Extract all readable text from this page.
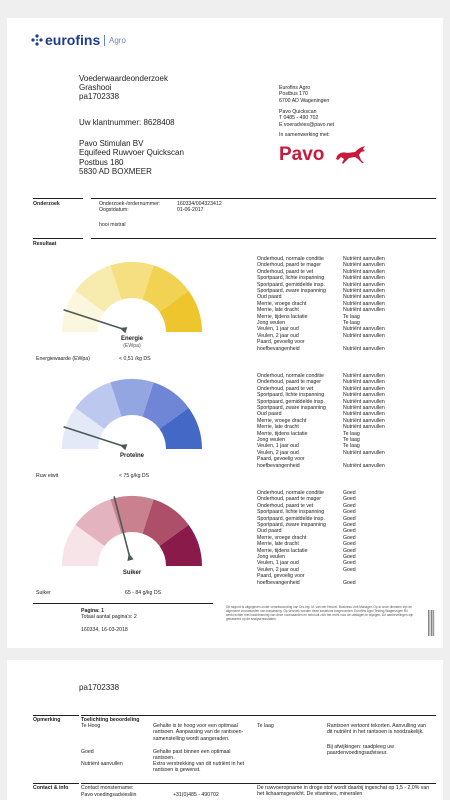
eurofins Agro
Voederwaardeonderzoek
Grashooi
pa1702338
Uw klantnummer: 8628408
Pavo Stimulan BV
Equifeed Ruwvoer Quickscan
Postbus 180
5830 AD BOXMEER
Eurofins Agro
Postbus 170
6700 AD Wageningen
Pavo Quickscan
T 0485 - 490 702
E voeradvies@pavo.net
In samenwerking met:
Pavo
Onderzoek	Onderzoek-/ordernummer:	160334/004323412
Oogstdatum:	01-06-2017
hooi mistral
Resultaat
Energie
(EWpa)
Energiewaarde (EWpa)	< 0,51 /kg DS
Onderhoud, normale conditie	Nutriënt aanvullen
Onderhoud, paard te mager	Nutriënt aanvullen
Onderhoud, paard te vet	Nutriënt aanvullen
Sportpaard, lichte inspanning	Nutriënt aanvullen
Sportpaard, gemiddelde insp.	Nutriënt aanvullen
Sportpaard, zware inspanning	Nutriënt aanvullen
Oud paard	Nutriënt aanvullen
Merrie, vroege dracht	Nutriënt aanvullen
Merrie, late dracht	Nutriënt aanvullen
Merrie, tijdens lactatie	Te laag
Jong veulen	Te laag
Veulen, 1 jaar oud	Nutriënt aanvullen
Veulen, 2 jaar oud	Nutriënt aanvullen
Paard, gevoelig voor
hoefbevangenheid	Nutriënt aanvullen
Proteïne
Ruw eiwit	< 75 g/kg DS
Onderhoud, normale conditie	Nutriënt aanvullen
Onderhoud, paard te mager	Nutriënt aanvullen
Onderhoud, paard te vet	Nutriënt aanvullen
Sportpaard, lichte inspanning	Nutriënt aanvullen
Sportpaard, gemiddelde insp.	Nutriënt aanvullen
Sportpaard, zware inspanning	Nutriënt aanvullen
Oud paard	Nutriënt aanvullen
Merrie, vroege dracht	Nutriënt aanvullen
Merrie, late dracht	Nutriënt aanvullen
Merrie, tijdens lactatie	Te laag
Jong veulen	Te laag
Veulen, 1 jaar oud	Te laag
Veulen, 2 jaar oud	Nutriënt aanvullen
Paard, gevoelig voor
hoefbevangenheid	Nutriënt aanvullen
Suiker
Suiker	65 - 84 g/kg DS
Onderhoud, normale conditie	Goed
Onderhoud, paard te mager	Goed
Onderhoud, paard te vet	Goed
Sportpaard, lichte inspanning	Goed
Sportpaard, gemiddelde insp.	Goed
Sportpaard, zware inspanning	Goed
Oud paard	Goed
Merrie, vroege dracht	Goed
Merrie, late dracht	Goed
Merrie, tijdens lactatie	Goed
Jong veulen	Goed
Veulen, 1 jaar oud	Goed
Veulen, 2 jaar oud	Goed
Paard, gevoelig voor
hoefbevangenheid	Goed
Pagina: 1
Totaal aantal pagina's: 2
160334, 16-03-2018
Dit rapport is uitgegeven onder verantwoording van Drs.Ing. M. van der Heuvel, Business Unit Manager. Op al onze diensten zijn de algemene voorwaarden van toepassing. Op verzoek worden deze kosteloos toegezonden. Eurofins Agro Testing Wageningen BV werkt echter met inachtneming van deze voorwaarden en behoudt zich het recht voor de uitslagen te wijzigen. De aanbevelingen zijn gebaseerd op de analyseresultaten.
pa1702338
Opmerking	Toelichting beoordeling
Te Hoog	Gehalte is te hoog voor een optimaal rantsoen. Aanpassing van de rantsoen-samenstelling wordt aangeraden.
Goed	Gehalte past binnen een optimaal rantsoen.
Nutriënt aanvullen	Extra verstrekking van dit nutriënt in het rantsoen is gewenst.
Te laag	Rantsoen vertoont tekorten. Aanvulling van dit nutriënt in het rantsoen is noodzakelijk.
Bij afwijkingen: raadpleeg uw paardenvoedingsadviseur.
Contact & info Contact monstername:
Pavo voedingsadviesliin	+31(0)485 - 490702
De ruwvoeropname in droge stof wordt daarbij ingeschat op 1,5 - 2,0% van het lichaamsgewicht. De vitamines, mineralen
